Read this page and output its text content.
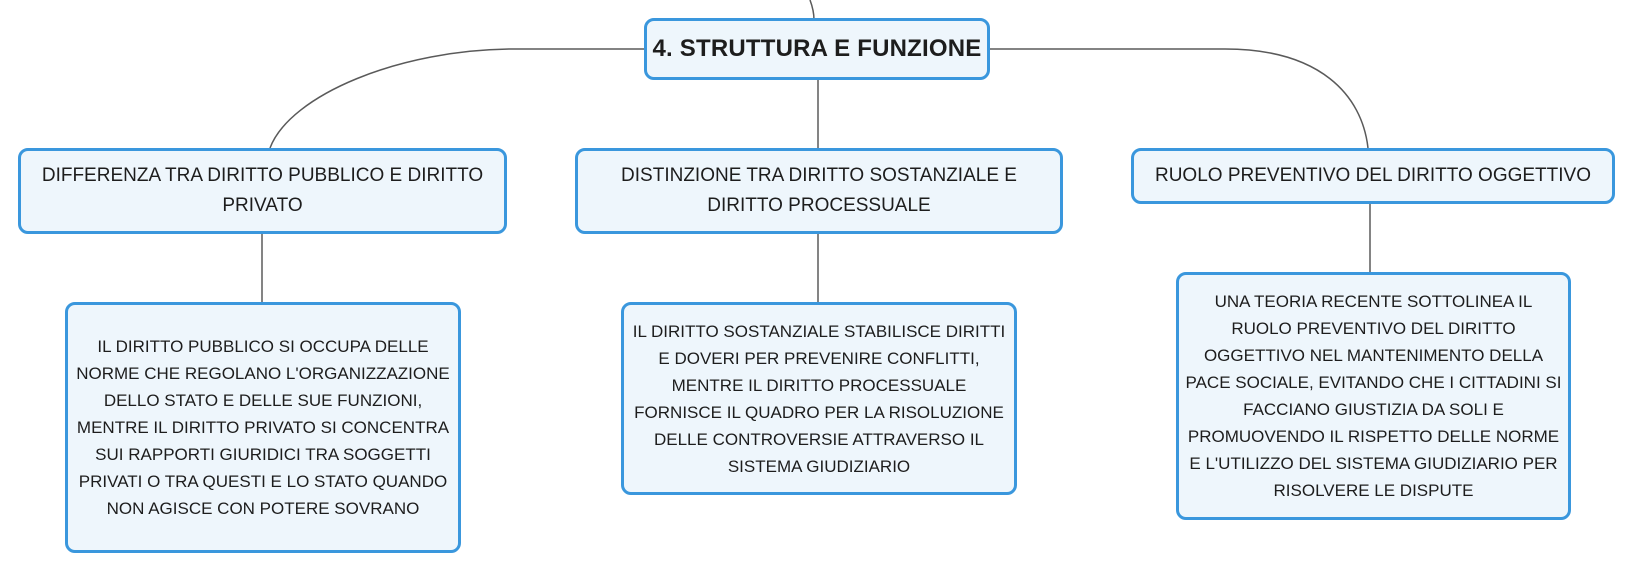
4. STRUTTURA E FUNZIONE
DIFFERENZA TRA DIRITTO PUBBLICO E DIRITTO PRIVATO
DISTINZIONE TRA DIRITTO SOSTANZIALE E DIRITTO PROCESSUALE
RUOLO PREVENTIVO DEL DIRITTO OGGETTIVO
IL DIRITTO PUBBLICO SI OCCUPA DELLE NORME CHE REGOLANO L'ORGANIZZAZIONE DELLO STATO E DELLE SUE FUNZIONI, MENTRE IL DIRITTO PRIVATO SI CONCENTRA SUI RAPPORTI GIURIDICI TRA SOGGETTI PRIVATI O TRA QUESTI E LO STATO QUANDO NON AGISCE CON POTERE SOVRANO
IL DIRITTO SOSTANZIALE STABILISCE DIRITTI E DOVERI PER PREVENIRE CONFLITTI, MENTRE IL DIRITTO PROCESSUALE FORNISCE IL QUADRO PER LA RISOLUZIONE DELLE CONTROVERSIE ATTRAVERSO IL SISTEMA GIUDIZIARIO
UNA TEORIA RECENTE SOTTOLINEA IL RUOLO PREVENTIVO DEL DIRITTO OGGETTIVO NEL MANTENIMENTO DELLA PACE SOCIALE, EVITANDO CHE I CITTADINI SI FACCIANO GIUSTIZIA DA SOLI E PROMUOVENDO IL RISPETTO DELLE NORME E L'UTILIZZO DEL SISTEMA GIUDIZIARIO PER RISOLVERE LE DISPUTE
